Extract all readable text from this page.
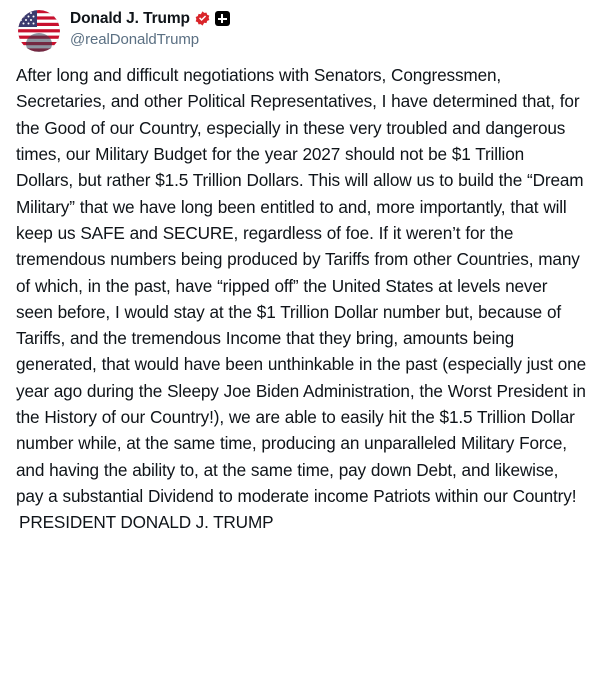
Donald J. Trump
@realDonaldTrump
After long and difficult negotiations with Senators, Congressmen, Secretaries, and other Political Representatives, I have determined that, for the Good of our Country, especially in these very troubled and dangerous times, our Military Budget for the year 2027 should not be $1 Trillion Dollars, but rather $1.5 Trillion Dollars. This will allow us to build the “Dream Military” that we have long been entitled to and, more importantly, that will keep us SAFE and SECURE, regardless of foe. If it weren’t for the tremendous numbers being produced by Tariffs from other Countries, many of which, in the past, have “ripped off” the United States at levels never seen before, I would stay at the $1 Trillion Dollar number but, because of Tariffs, and the tremendous Income that they bring, amounts being generated, that would have been unthinkable in the past (especially just one year ago during the Sleepy Joe Biden Administration, the Worst President in the History of our Country!), we are able to easily hit the $1.5 Trillion Dollar number while, at the same time, producing an unparalleled Military Force, and having the ability to, at the same time, pay down Debt, and likewise, pay a substantial Dividend to moderate income Patriots within our Country!
PRESIDENT DONALD J. TRUMP
